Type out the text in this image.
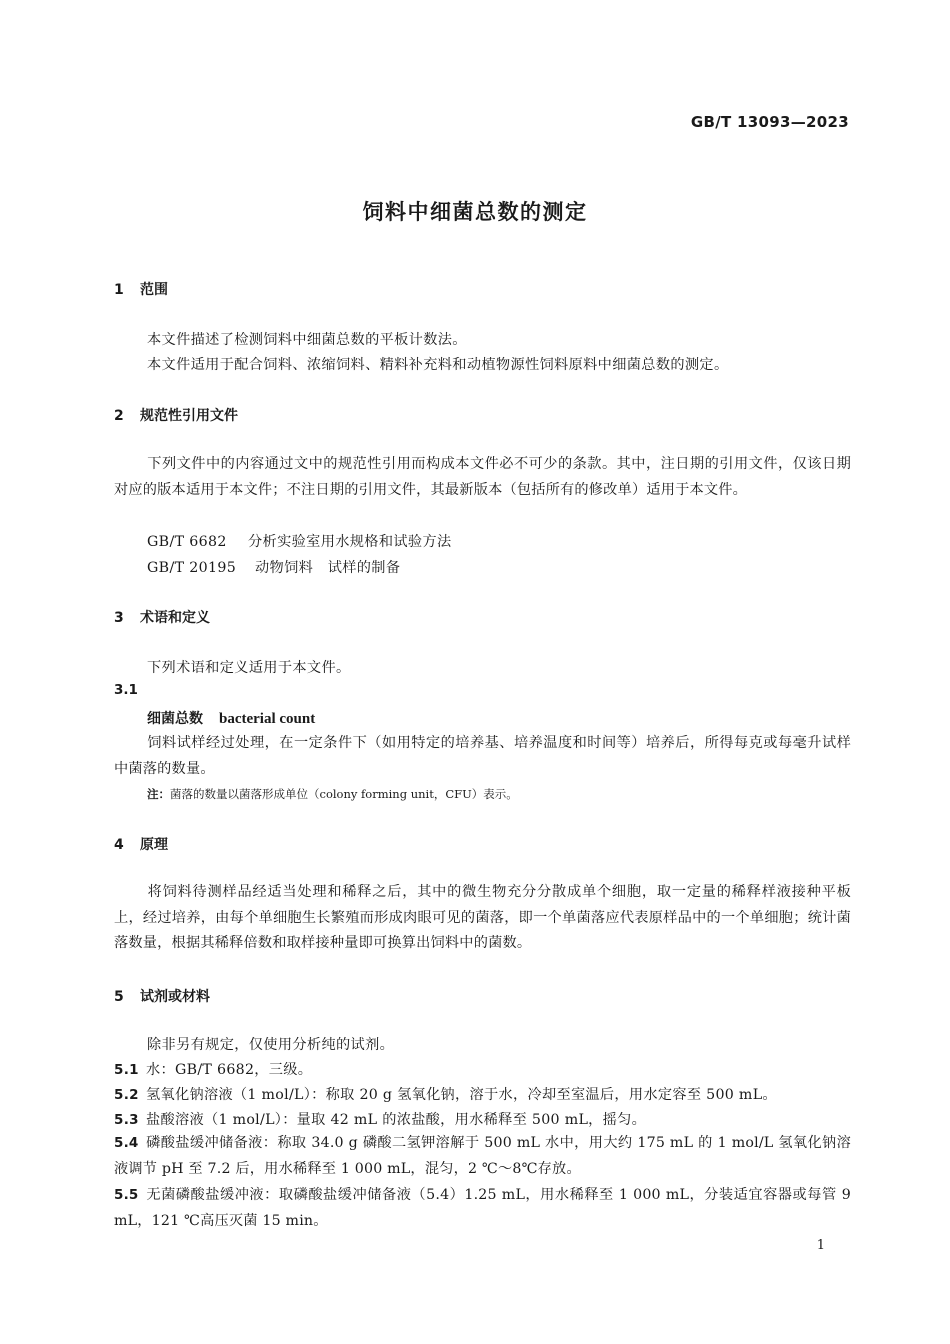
GB/T 13093—2023
饲料中细菌总数的测定
1 范围
本文件描述了检测饲料中细菌总数的平板计数法。
本文件适用于配合饲料、浓缩饲料、精料补充料和动植物源性饲料原料中细菌总数的测定。
2 规范性引用文件
下列文件中的内容通过文中的规范性引用而构成本文件必不可少的条款。其中，注日期的引用文件，仅该日期对应的版本适用于本文件；不注日期的引用文件，其最新版本（包括所有的修改单）适用于本文件。
GB/T 6682 分析实验室用水规格和试验方法
GB/T 20195 动物饲料　试样的制备
3 术语和定义
下列术语和定义适用于本文件。
3.1
细菌总数 bacterial count
饲料试样经过处理，在一定条件下（如用特定的培养基、培养温度和时间等）培养后，所得每克或每毫升试样中菌落的数量。
注：菌落的数量以菌落形成单位（colony forming unit，CFU）表示。
4 原理
将饲料待测样品经适当处理和稀释之后，其中的微生物充分分散成单个细胞，取一定量的稀释样液接种平板上，经过培养，由每个单细胞生长繁殖而形成肉眼可见的菌落，即一个单菌落应代表原样品中的一个单细胞；统计菌落数量，根据其稀释倍数和取样接种量即可换算出饲料中的菌数。
5 试剂或材料
除非另有规定，仅使用分析纯的试剂。
5.1 水：GB/T 6682，三级。
5.2 氢氧化钠溶液（1 mol/L）：称取 20 g 氢氧化钠，溶于水，冷却至室温后，用水定容至 500 mL。
5.3 盐酸溶液（1 mol/L）：量取 42 mL 的浓盐酸，用水稀释至 500 mL，摇匀。
5.4 磷酸盐缓冲储备液：称取 34.0 g 磷酸二氢钾溶解于 500 mL 水中，用大约 175 mL 的 1 mol/L 氢氧化钠溶液调节 pH 至 7.2 后，用水稀释至 1 000 mL，混匀，2 ℃～8℃存放。
5.5 无菌磷酸盐缓冲液：取磷酸盐缓冲储备液（5.4）1.25 mL，用水稀释至 1 000 mL，分装适宜容器或每管 9 mL，121 ℃高压灭菌 15 min。
1
